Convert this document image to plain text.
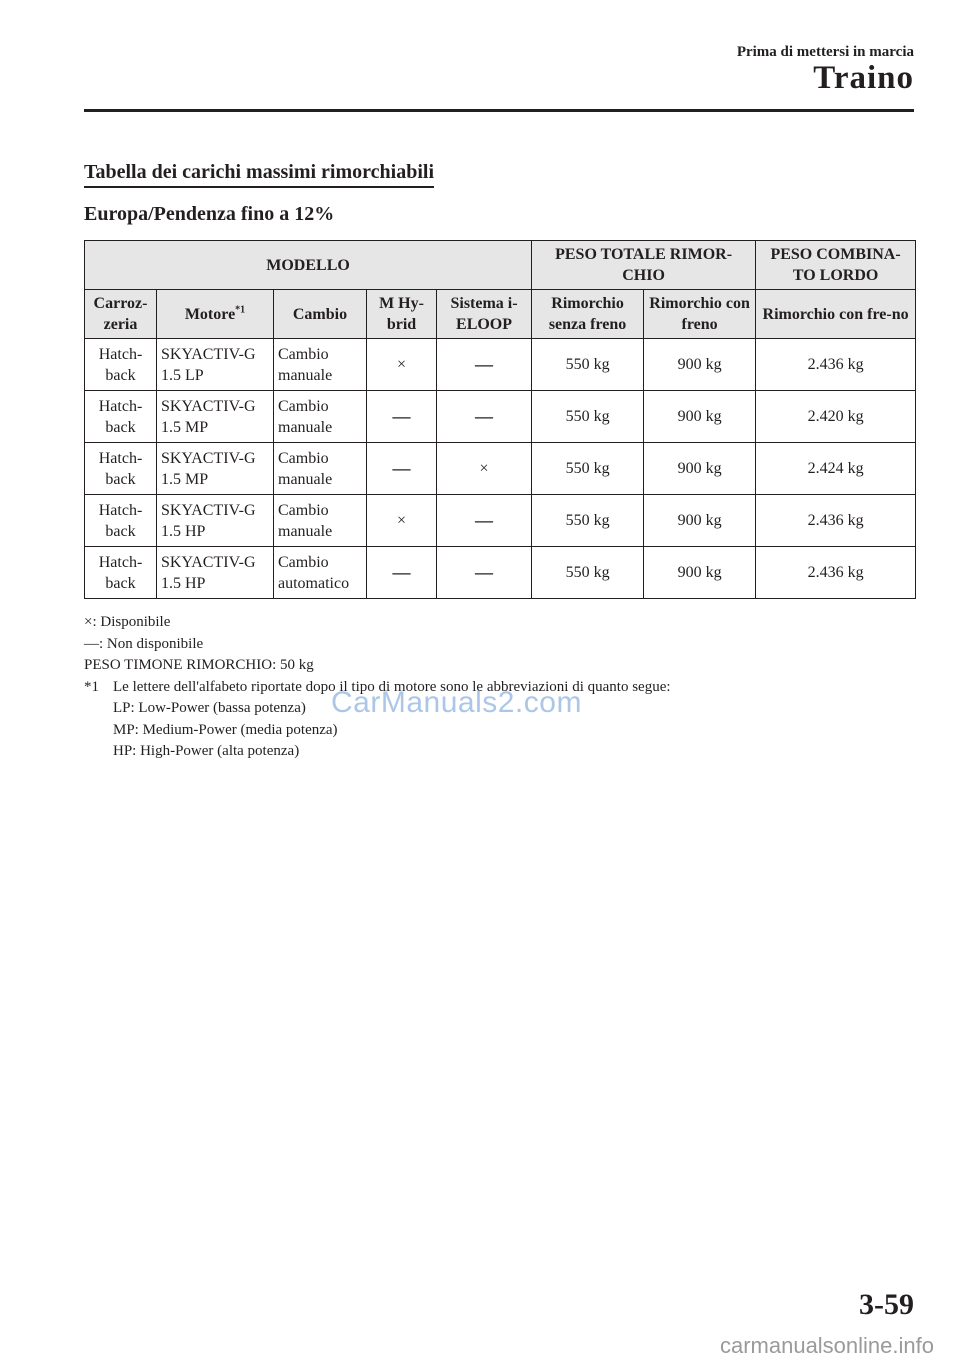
Prima di mettersi in marcia
Traino
Tabella dei carichi massimi rimorchiabili
Europa/Pendenza fino a 12%
MODELLO					PESO TOTALE RIMOR-CHIO		PESO COMBINA-TO LORDO
Carroz-zeria	Motore$^{*1}$	Cambio	M Hy-brid	Sistema i-ELOOP	Rimorchio senza freno	Rimorchio con freno	Rimorchio con fre-no
Hatch-back	SKYACTIV-G 1.5 LP	Cambio manuale	×	—	550 kg	900 kg	2.436 kg
Hatch-back	SKYACTIV-G 1.5 MP	Cambio manuale	—	—	550 kg	900 kg	2.420 kg
Hatch-back	SKYACTIV-G 1.5 MP	Cambio manuale	—	×	550 kg	900 kg	2.424 kg
Hatch-back	SKYACTIV-G 1.5 HP	Cambio manuale	×	—	550 kg	900 kg	2.436 kg
Hatch-back	SKYACTIV-G 1.5 HP	Cambio automatico	—	—	550 kg	900 kg	2.436 kg
×: Disponibile
—: Non disponibile
PESO TIMONE RIMORCHIO: 50 kg
*1 Le lettere dell'alfabeto riportate dopo il tipo di motore sono le abbreviazioni di quanto segue:
LP: Low-Power (bassa potenza)
MP: Medium-Power (media potenza)
HP: High-Power (alta potenza)
CarManuals2.com
3-59
carmanualsonline.info
